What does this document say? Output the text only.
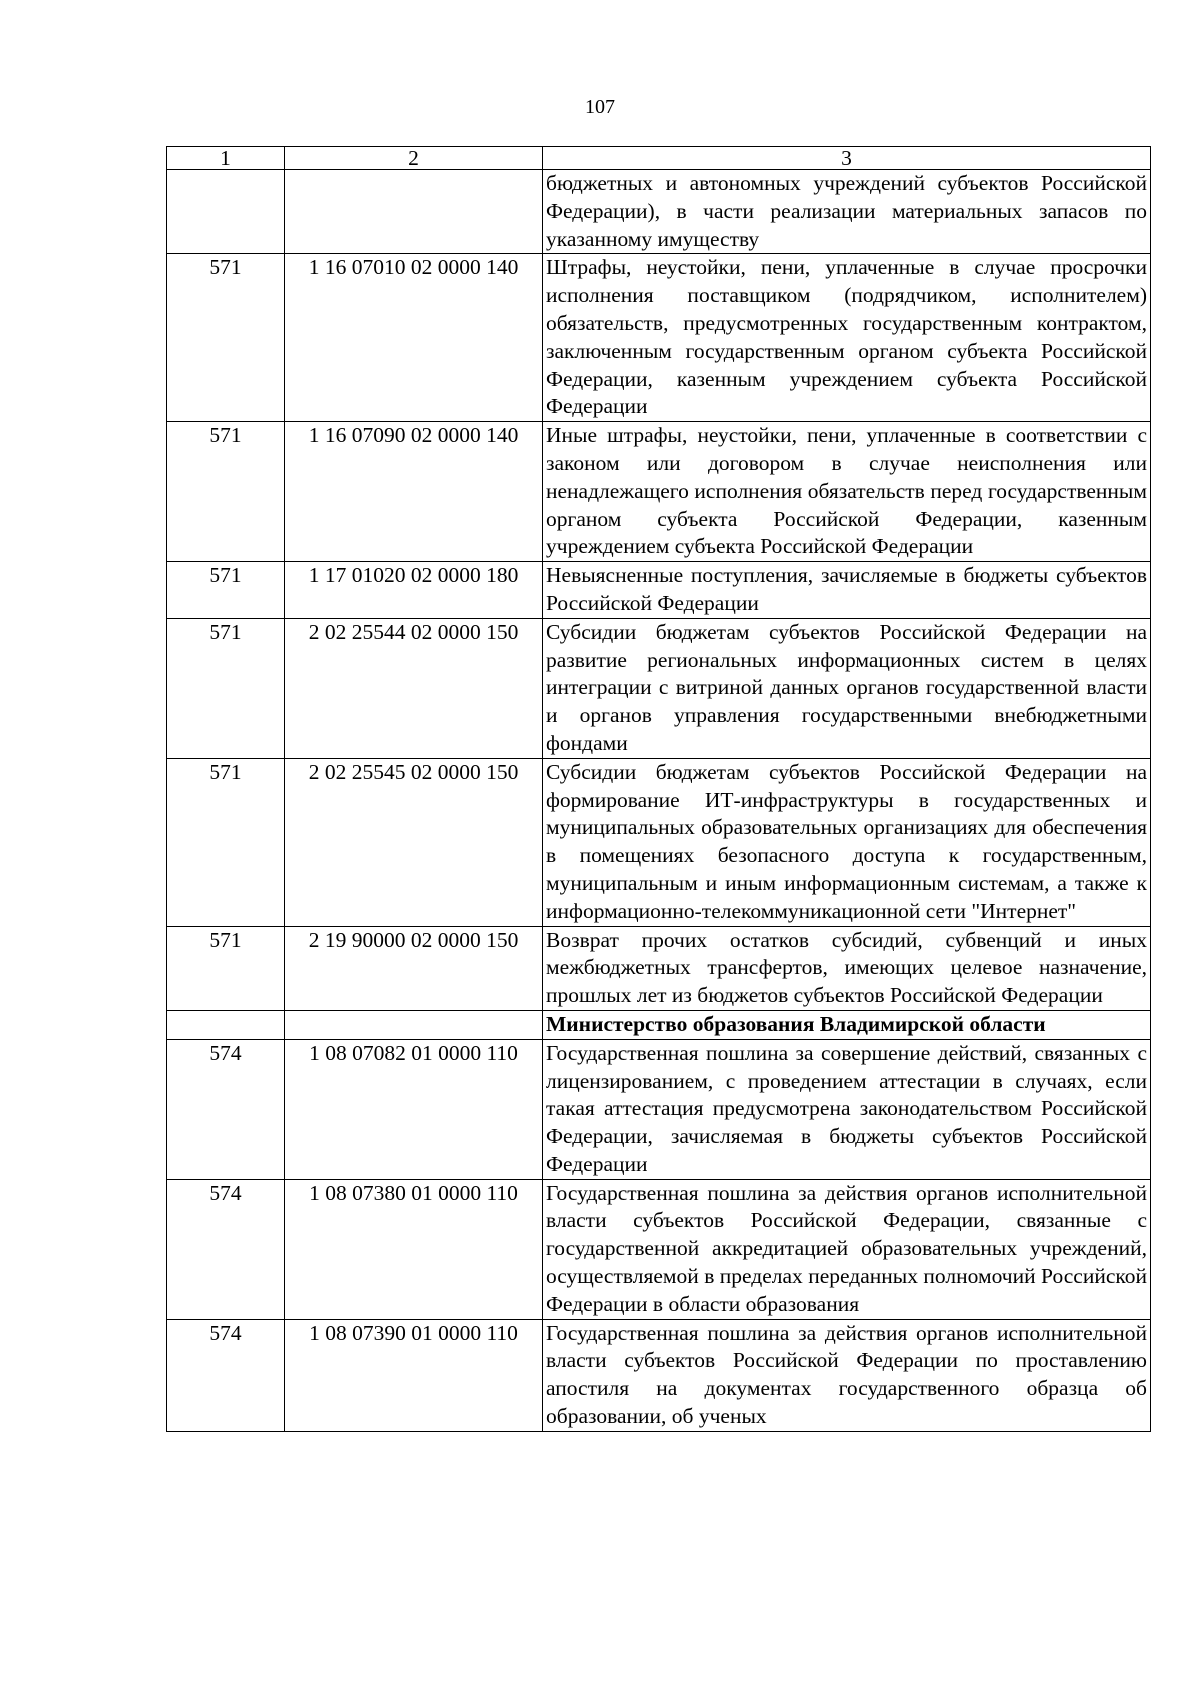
107
1	2	3
		бюджетных и автономных учреждений субъектов Российской Федерации), в части реализации материальных запасов по указанному имуществу
571	1 16 07010 02 0000 140	Штрафы, неустойки, пени, уплаченные в случае просрочки исполнения поставщиком (подрядчиком, исполнителем) обязательств, предусмотренных государственным контрактом, заключенным государственным органом субъекта Российской Федерации, казенным учреждением субъекта Российской Федерации
571	1 16 07090 02 0000 140	Иные штрафы, неустойки, пени, уплаченные в соответствии с законом или договором в случае неисполнения или ненадлежащего исполнения обязательств перед государственным органом субъекта Российской Федерации, казенным учреждением субъекта Российской Федерации
571	1 17 01020 02 0000 180	Невыясненные поступления, зачисляемые в бюджеты субъектов Российской Федерации
571	2 02 25544 02 0000 150	Субсидии бюджетам субъектов Российской Федерации на развитие региональных информационных систем в целях интеграции с витриной данных органов государственной власти и органов управления государственными внебюджетными фондами
571	2 02 25545 02 0000 150	Субсидии бюджетам субъектов Российской Федерации на формирование ИТ-инфраструктуры в государственных и муниципальных образовательных организациях для обеспечения в помещениях безопасного доступа к государственным, муниципальным и иным информационным системам, а также к информационно-телекоммуникационной сети "Интернет"
571	2 19 90000 02 0000 150	Возврат прочих остатков субсидий, субвенций и иных межбюджетных трансфертов, имеющих целевое назначение, прошлых лет из бюджетов субъектов Российской Федерации
		Министерство образования Владимирской области
574	1 08 07082 01 0000 110	Государственная пошлина за совершение действий, связанных с лицензированием, с проведением аттестации в случаях, если такая аттестация предусмотрена законодательством Российской Федерации, зачисляемая в бюджеты субъектов Российской Федерации
574	1 08 07380 01 0000 110	Государственная пошлина за действия органов исполнительной власти субъектов Российской Федерации, связанные с государственной аккредитацией образовательных учреждений, осуществляемой в пределах переданных полномочий Российской Федерации в области образования
574	1 08 07390 01 0000 110	Государственная пошлина за действия органов исполнительной власти субъектов Российской Федерации по проставлению апостиля на документах государственного образца об образовании, об ученых
